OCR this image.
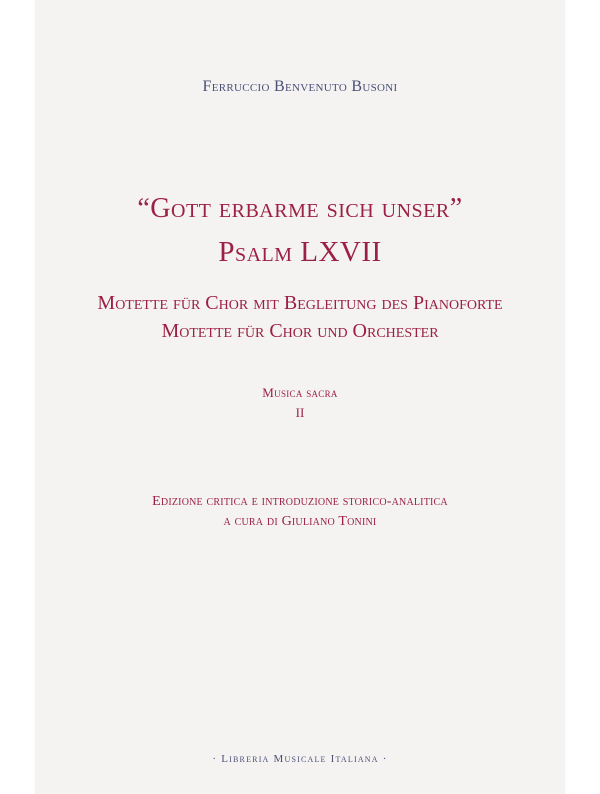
Ferruccio Benvenuto Busoni
“Gott erbarme sich unser”
Psalm LXVII
Motette für Chor mit Begleitung des Pianoforte
Motette für Chor und Orchester
Musica sacra
II
Edizione critica e introduzione storico-analitica
a cura di Giuliano Tonini
· Libreria Musicale Italiana ·
